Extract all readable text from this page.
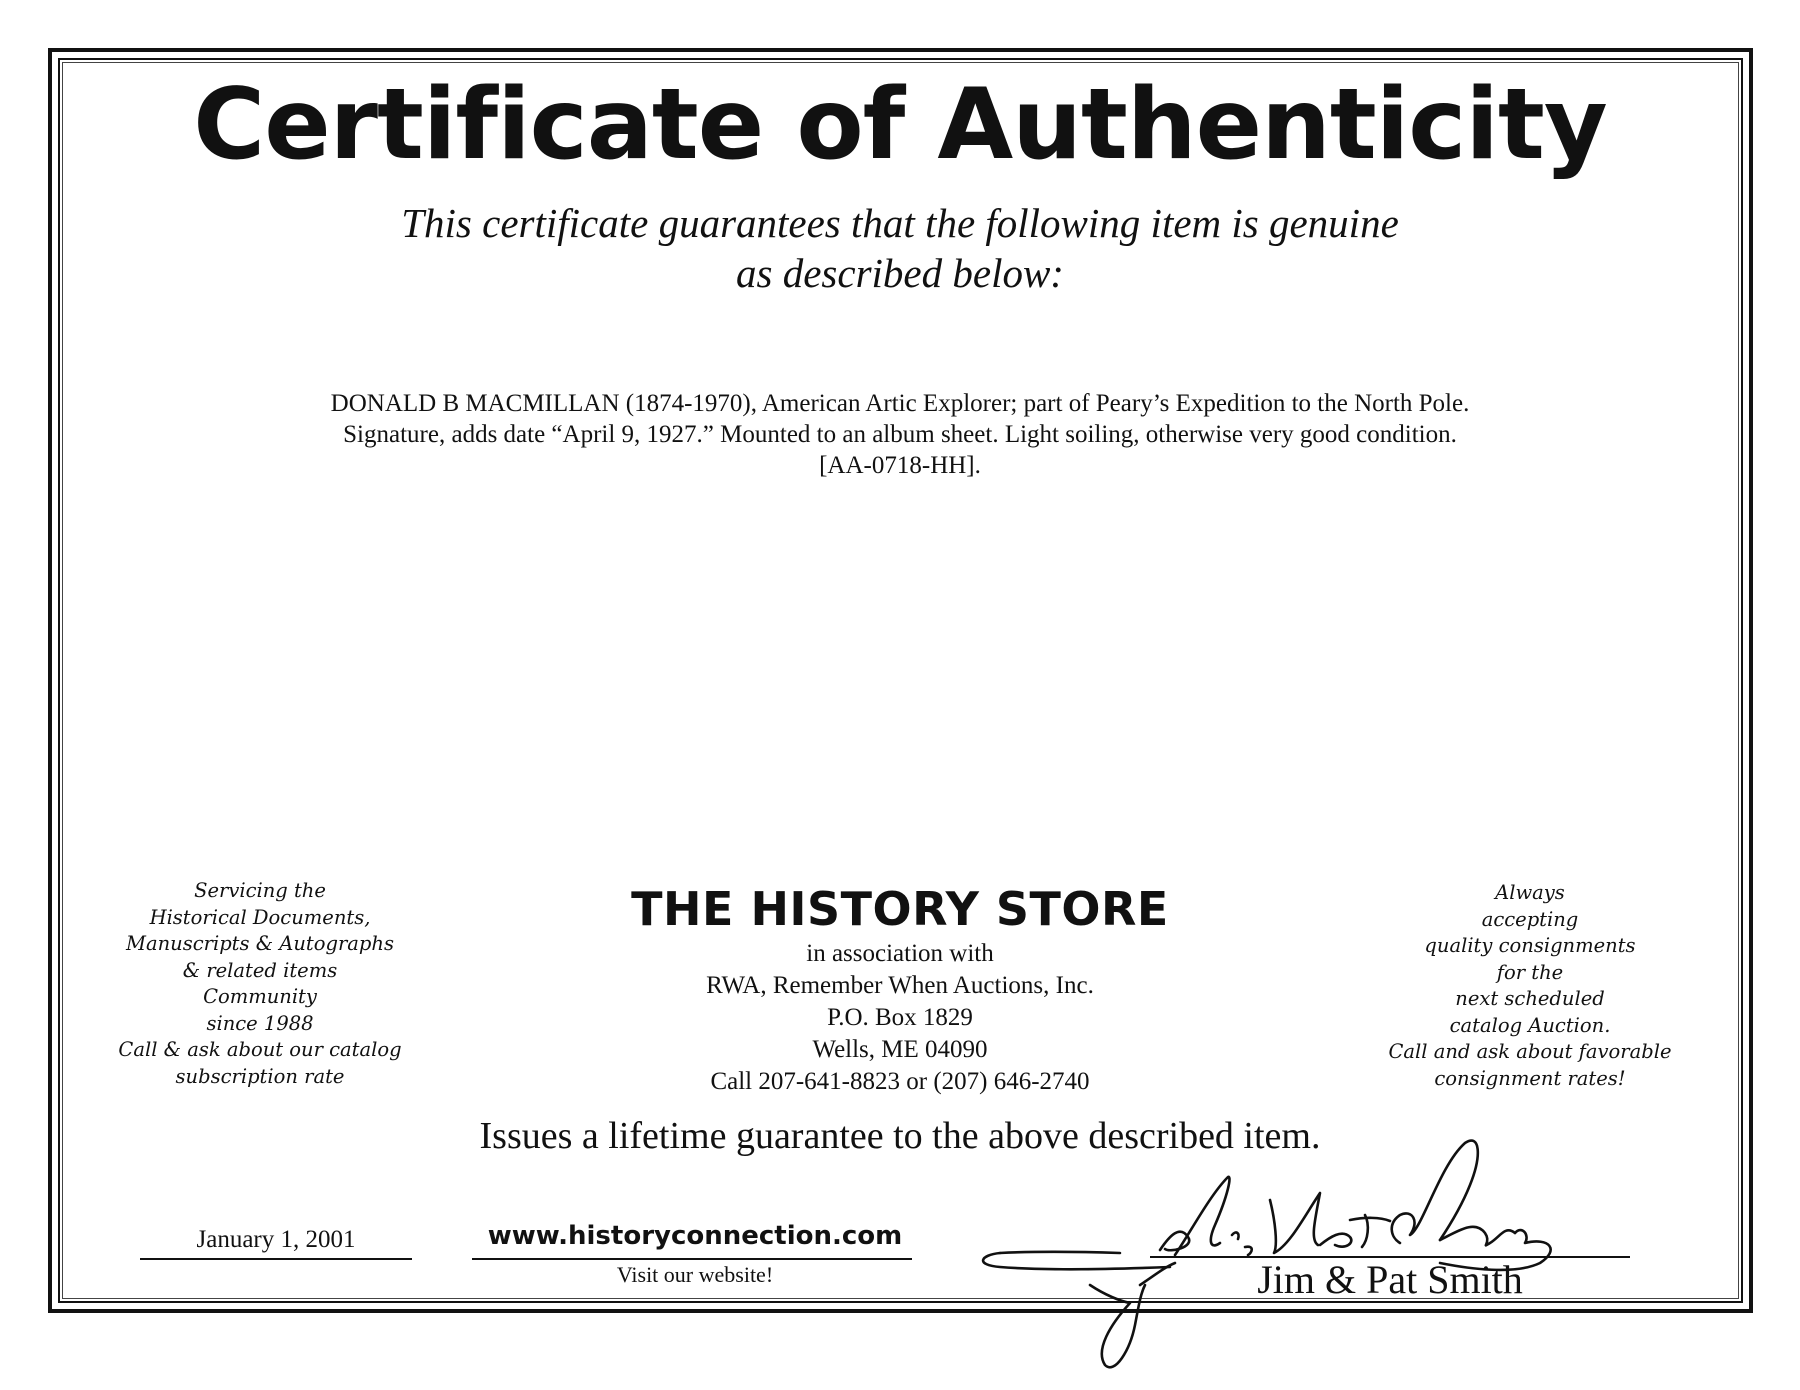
Certificate of Authenticity
This certificate guarantees that the following item is genuine
as described below:
DONALD B MACMILLAN (1874-1970), American Artic Explorer; part of Peary’s Expedition to the North Pole. Signature, adds date “April 9, 1927.” Mounted to an album sheet. Light soiling, otherwise very good condition. [AA-0718-HH].
Servicing the
Historical Documents,
Manuscripts & Autographs
& related items
Community
since 1988
Call & ask about our catalog
subscription rate
THE HISTORY STORE
in association with
RWA, Remember When Auctions, Inc.
P.O. Box 1829
Wells, ME 04090
Call 207-641-8823 or (207) 646-2740
Always
accepting
quality consignments
for the
next scheduled
catalog Auction.
Call and ask about favorable
consignment rates!
Issues a lifetime guarantee to the above described item.
January 1, 2001	www.historyconnection.com
Visit our website!	Jim & Pat Smith
